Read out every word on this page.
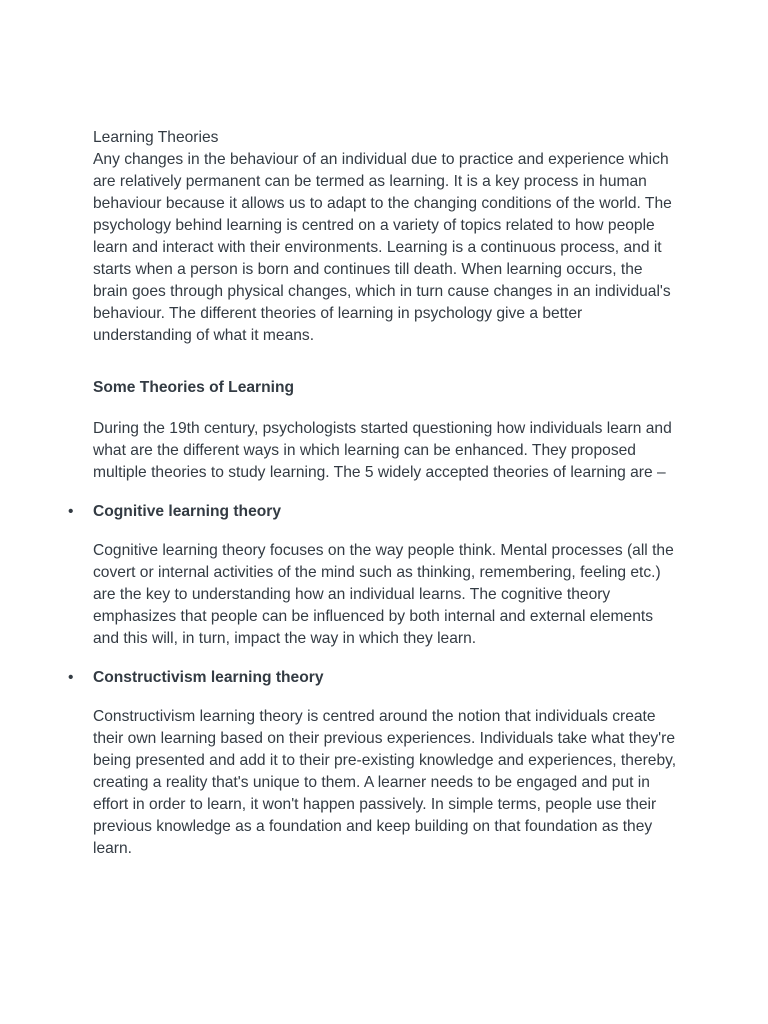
Learning Theories

Any changes in the behaviour of an individual due to practice and experience which are relatively permanent can be termed as learning. It is a key process in human behaviour because it allows us to adapt to the changing conditions of the world. The psychology behind learning is centred on a variety of topics related to how people learn and interact with their environments. Learning is a continuous process, and it starts when a person is born and continues till death. When learning occurs, the brain goes through physical changes, which in turn cause changes in an individual's behaviour. The different theories of learning in psychology give a better understanding of what it means.

Some Theories of Learning

During the 19th century, psychologists started questioning how individuals learn and what are the different ways in which learning can be enhanced. They proposed multiple theories to study learning. The 5 widely accepted theories of learning are –

• Cognitive learning theory

Cognitive learning theory focuses on the way people think. Mental processes (all the covert or internal activities of the mind such as thinking, remembering, feeling etc.) are the key to understanding how an individual learns. The cognitive theory emphasizes that people can be influenced by both internal and external elements and this will, in turn, impact the way in which they learn.

• Constructivism learning theory

Constructivism learning theory is centred around the notion that individuals create their own learning based on their previous experiences. Individuals take what they're being presented and add it to their pre-existing knowledge and experiences, thereby, creating a reality that's unique to them. A learner needs to be engaged and put in effort in order to learn, it won't happen passively. In simple terms, people use their previous knowledge as a foundation and keep building on that foundation as they learn.
